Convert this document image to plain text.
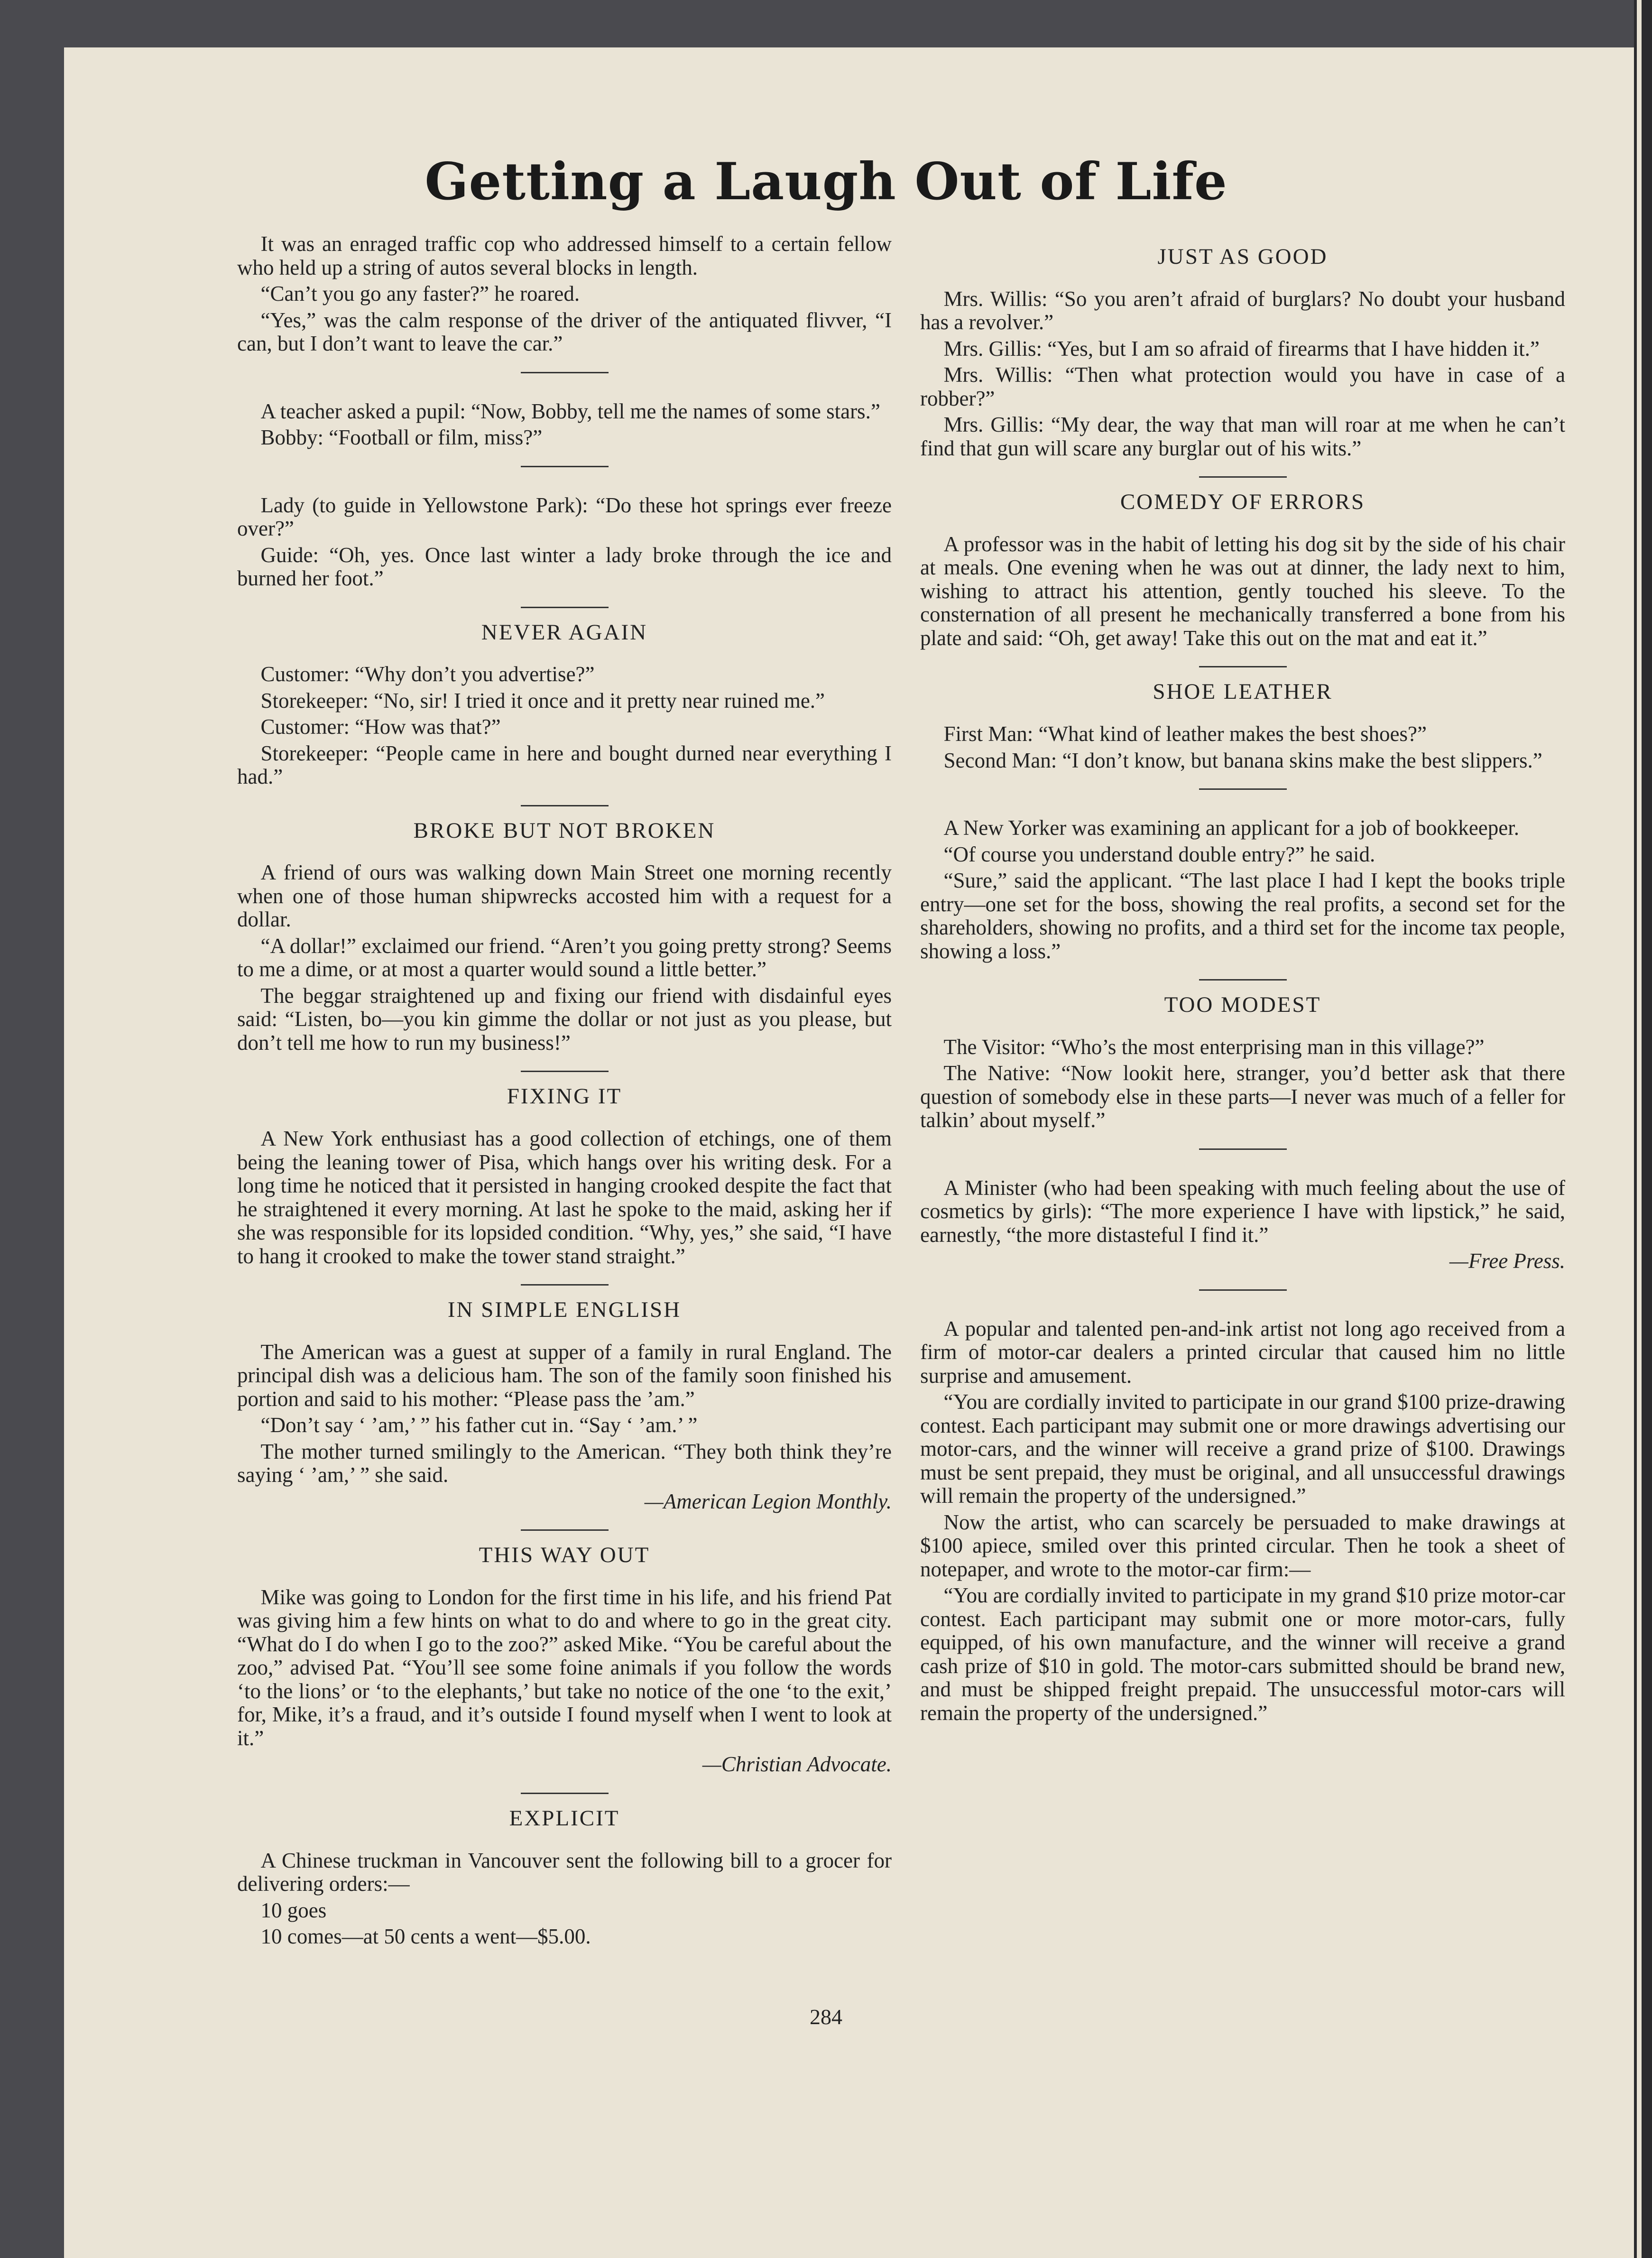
Getting a Laugh Out of Life

It was an enraged traffic cop who addressed himself to a certain fellow who held up a string of autos several blocks in length.

“Can’t you go any faster?” he roared.

“Yes,” was the calm response of the driver of the antiquated flivver, “I can, but I don’t want to leave the car.”

A teacher asked a pupil: “Now, Bobby, tell me the names of some stars.”

Bobby: “Football or film, miss?”

Lady (to guide in Yellowstone Park): “Do these hot springs ever freeze over?”

Guide: “Oh, yes. Once last winter a lady broke through the ice and burned her foot.”

NEVER AGAIN

Customer: “Why don’t you advertise?”

Storekeeper: “No, sir! I tried it once and it pretty near ruined me.”

Customer: “How was that?”

Storekeeper: “People came in here and bought durned near everything I had.”

BROKE BUT NOT BROKEN

A friend of ours was walking down Main Street one morning recently when one of those human shipwrecks accosted him with a request for a dollar.

“A dollar!” exclaimed our friend. “Aren’t you going pretty strong? Seems to me a dime, or at most a quarter would sound a little better.”

The beggar straightened up and fixing our friend with disdainful eyes said: “Listen, bo—you kin gimme the dollar or not just as you please, but don’t tell me how to run my business!”

FIXING IT

A New York enthusiast has a good collection of etchings, one of them being the leaning tower of Pisa, which hangs over his writing desk. For a long time he noticed that it persisted in hanging crooked despite the fact that he straightened it every morning. At last he spoke to the maid, asking her if she was responsible for its lopsided condition. “Why, yes,” she said, “I have to hang it crooked to make the tower stand straight.”

IN SIMPLE ENGLISH

The American was a guest at supper of a family in rural England. The principal dish was a delicious ham. The son of the family soon finished his portion and said to his mother: “Please pass the ’am.”

“Don’t say ‘ ’am,’ ” his father cut in. “Say ‘ ’am.’ ”

The mother turned smilingly to the American. “They both think they’re saying ‘ ’am,’ ” she said.

—American Legion Monthly.

THIS WAY OUT

Mike was going to London for the first time in his life, and his friend Pat was giving him a few hints on what to do and where to go in the great city. “What do I do when I go to the zoo?” asked Mike. “You be careful about the zoo,” advised Pat. “You’ll see some foine animals if you follow the words ‘to the lions’ or ‘to the elephants,’ but take no notice of the one ‘to the exit,’ for, Mike, it’s a fraud, and it’s outside I found myself when I went to look at it.”

—Christian Advocate.

EXPLICIT

A Chinese truckman in Vancouver sent the following bill to a grocer for delivering orders:—

10 goes

10 comes—at 50 cents a went—$5.00.

JUST AS GOOD

Mrs. Willis: “So you aren’t afraid of burglars? No doubt your husband has a revolver.”

Mrs. Gillis: “Yes, but I am so afraid of firearms that I have hidden it.”

Mrs. Willis: “Then what protection would you have in case of a robber?”

Mrs. Gillis: “My dear, the way that man will roar at me when he can’t find that gun will scare any burglar out of his wits.”

COMEDY OF ERRORS

A professor was in the habit of letting his dog sit by the side of his chair at meals. One evening when he was out at dinner, the lady next to him, wishing to attract his attention, gently touched his sleeve. To the consternation of all present he mechanically transferred a bone from his plate and said: “Oh, get away! Take this out on the mat and eat it.”

SHOE LEATHER

First Man: “What kind of leather makes the best shoes?”

Second Man: “I don’t know, but banana skins make the best slippers.”

A New Yorker was examining an applicant for a job of bookkeeper.

“Of course you understand double entry?” he said.

“Sure,” said the applicant. “The last place I had I kept the books triple entry—one set for the boss, showing the real profits, a second set for the shareholders, showing no profits, and a third set for the income tax people, showing a loss.”

TOO MODEST

The Visitor: “Who’s the most enterprising man in this village?”

The Native: “Now lookit here, stranger, you’d better ask that there question of somebody else in these parts—I never was much of a feller for talkin’ about myself.”

A Minister (who had been speaking with much feeling about the use of cosmetics by girls): “The more experience I have with lipstick,” he said, earnestly, “the more distasteful I find it.”

—Free Press.

A popular and talented pen-and-ink artist not long ago received from a firm of motor-car dealers a printed circular that caused him no little surprise and amusement.

“You are cordially invited to participate in our grand $100 prize-drawing contest. Each participant may submit one or more drawings advertising our motor-cars, and the winner will receive a grand prize of $100. Drawings must be sent prepaid, they must be original, and all unsuccessful drawings will remain the property of the undersigned.”

Now the artist, who can scarcely be persuaded to make drawings at $100 apiece, smiled over this printed circular. Then he took a sheet of notepaper, and wrote to the motor-car firm:—

“You are cordially invited to participate in my grand $10 prize motor-car contest. Each participant may submit one or more motor-cars, fully equipped, of his own manufacture, and the winner will receive a grand cash prize of $10 in gold. The motor-cars submitted should be brand new, and must be shipped freight prepaid. The unsuccessful motor-cars will remain the property of the undersigned.”

284
